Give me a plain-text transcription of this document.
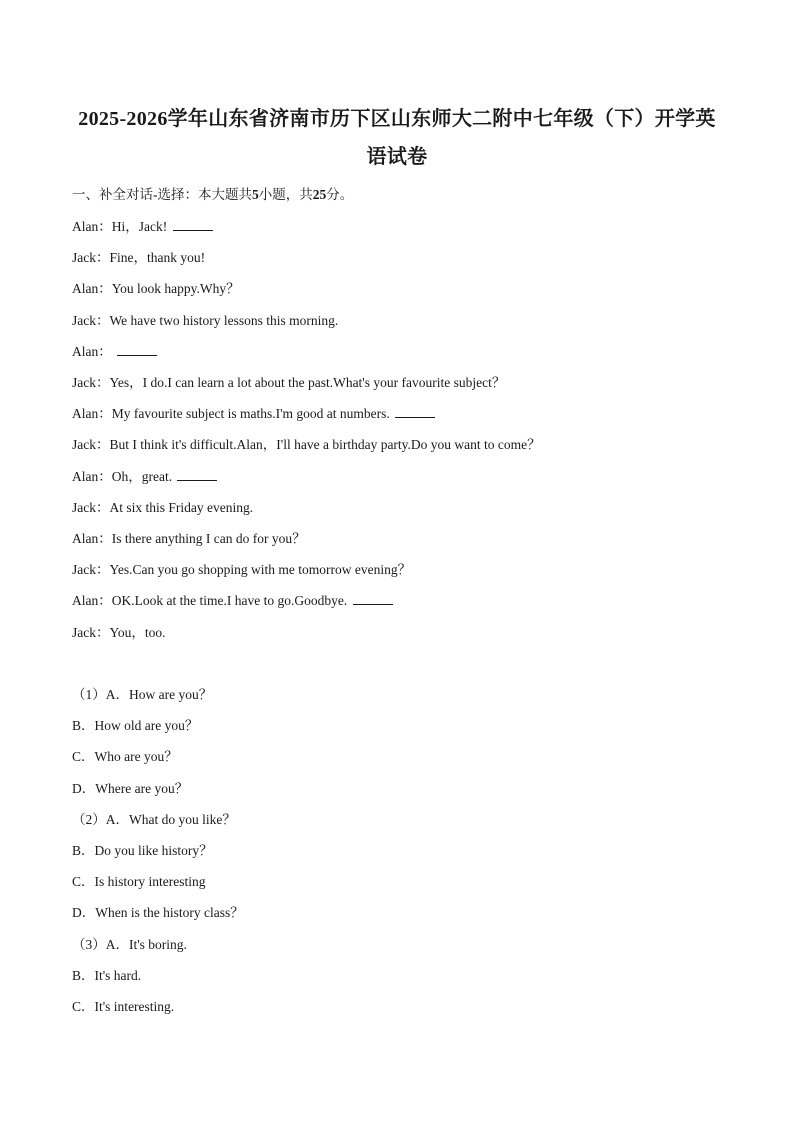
2025-2026学年山东省济南市历下区山东师大二附中七年级（下）开学英语试卷
一、补全对话-选择：本大题共5小题，共25分。
Alan：Hi，Jack!
Jack：Fine，thank you!
Alan：You look happy.Why？
Jack：We have two history lessons this morning.
Alan：
Jack：Yes，I do.I can learn a lot about the past.What's your favourite subject？
Alan：My favourite subject is maths.I'm good at numbers.
Jack：But I think it's difficult.Alan，I'll have a birthday party.Do you want to come？
Alan：Oh，great.
Jack：At six this Friday evening.
Alan：Is there anything I can do for you？
Jack：Yes.Can you go shopping with me tomorrow evening？
Alan：OK.Look at the time.I have to go.Goodbye.
Jack：You，too.
（1）A．How are you？
B．How old are you？
C．Who are you？
D．Where are you？
（2）A．What do you like？
B．Do you like history？
C．Is history interesting
D．When is the history class？
（3）A．It's boring.
B．It's hard.
C．It's interesting.
